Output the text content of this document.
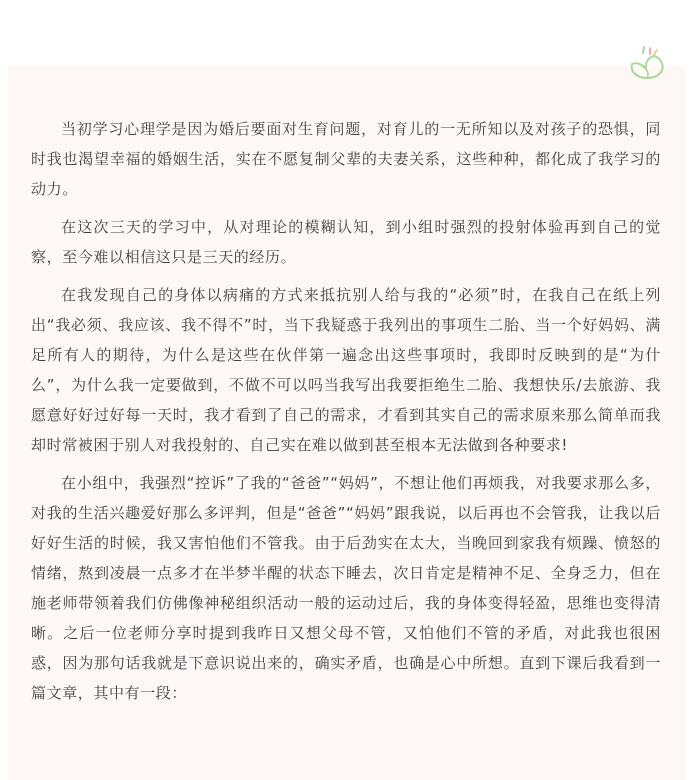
当初学习心理学是因为婚后要面对生育问题，对育儿的一无所知以及对孩子的恐惧，同时我也渴望幸福的婚姻生活，实在不愿复制父辈的夫妻关系，这些种种，都化成了我学习的动力。

在这次三天的学习中，从对理论的模糊认知，到小组时强烈的投射体验再到自己的觉察，至今难以相信这只是三天的经历。

在我发现自己的身体以病痛的方式来抵抗别人给与我的“必须”时，在我自己在纸上列出“我必须、我应该、我不得不”时，当下我疑惑于我列出的事项生二胎、当一个好妈妈、满足所有人的期待，为什么是这些在伙伴第一遍念出这些事项时，我即时反映到的是“为什么”，为什么我一定要做到，不做不可以吗当我写出我要拒绝生二胎、我想快乐/去旅游、我愿意好好过好每一天时，我才看到了自己的需求，才看到其实自己的需求原来那么简单而我却时常被困于别人对我投射的、自己实在难以做到甚至根本无法做到各种要求!

在小组中，我强烈“控诉”了我的“爸爸”“妈妈”，不想让他们再烦我，对我要求那么多，对我的生活兴趣爱好那么多评判，但是“爸爸”“妈妈”跟我说，以后再也不会管我，让我以后好好生活的时候，我又害怕他们不管我。由于后劲实在太大，当晚回到家我有烦躁、愤怒的情绪，熬到凌晨一点多才在半梦半醒的状态下睡去，次日肯定是精神不足、全身乏力，但在施老师带领着我们仿佛像神秘组织活动一般的运动过后，我的身体变得轻盈，思维也变得清晰。之后一位老师分享时提到我昨日又想父母不管，又怕他们不管的矛盾，对此我也很困惑，因为那句话我就是下意识说出来的，确实矛盾，也确是心中所想。直到下课后我看到一篇文章，其中有一段：
